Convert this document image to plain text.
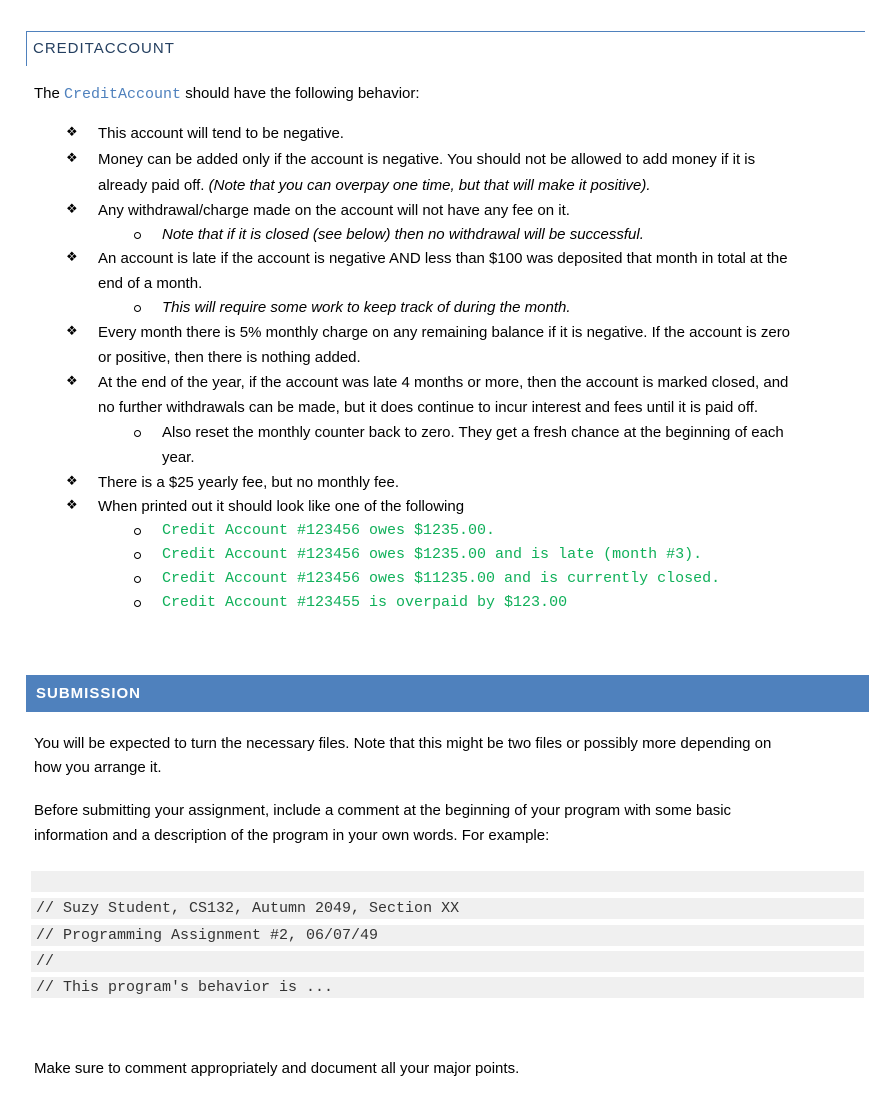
CREDITACCOUNT
The CreditAccount should have the following behavior:
❖ This account will tend to be negative.
❖ Money can be added only if the account is negative. You should not be allowed to add money if it is
already paid off. (Note that you can overpay one time, but that will make it positive).
❖ Any withdrawal/charge made on the account will not have any fee on it.
Note that if it is closed (see below) then no withdrawal will be successful.
❖ An account is late if the account is negative AND less than $100 was deposited that month in total at the
end of a month.
This will require some work to keep track of during the month.
❖ Every month there is 5% monthly charge on any remaining balance if it is negative. If the account is zero
or positive, then there is nothing added.
❖ At the end of the year, if the account was late 4 months or more, then the account is marked closed, and
no further withdrawals can be made, but it does continue to incur interest and fees until it is paid off.
Also reset the monthly counter back to zero. They get a fresh chance at the beginning of each
year.
❖ There is a $25 yearly fee, but no monthly fee.
❖ When printed out it should look like one of the following
Credit Account #123456 owes $1235.00.
Credit Account #123456 owes $1235.00 and is late (month #3).
Credit Account #123456 owes $11235.00 and is currently closed.
Credit Account #123455 is overpaid by $123.00
SUBMISSION
You will be expected to turn the necessary files. Note that this might be two files or possibly more depending on
how you arrange it.
Before submitting your assignment, include a comment at the beginning of your program with some basic
information and a description of the program in your own words. For example:
// Suzy Student, CS132, Autumn 2049, Section XX
// Programming Assignment #2, 06/07/49
//
// This program's behavior is ...
Make sure to comment appropriately and document all your major points.
